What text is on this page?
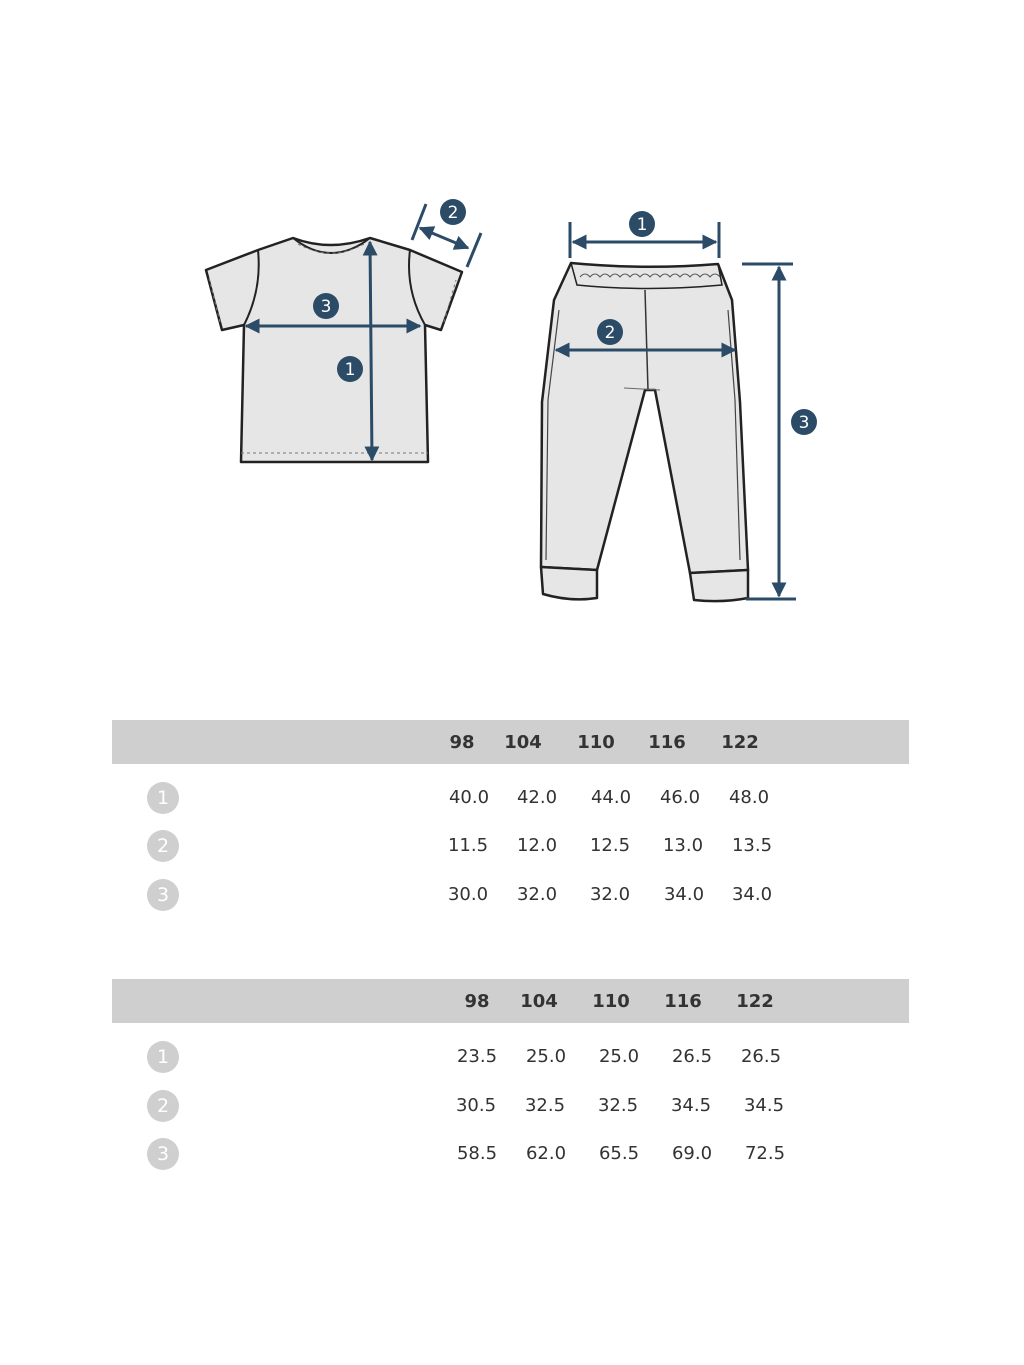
1
2
3
1
2
3
98	104	110	116	122
1	40.0	42.0	44.0	46.0	48.0
2	11.5	12.0	12.5	13.0	13.5
3	30.0	32.0	32.0	34.0	34.0
98	104	110	116	122
1	23.5	25.0	25.0	26.5	26.5
2	30.5	32.5	32.5	34.5	34.5
3	58.5	62.0	65.5	69.0	72.5
